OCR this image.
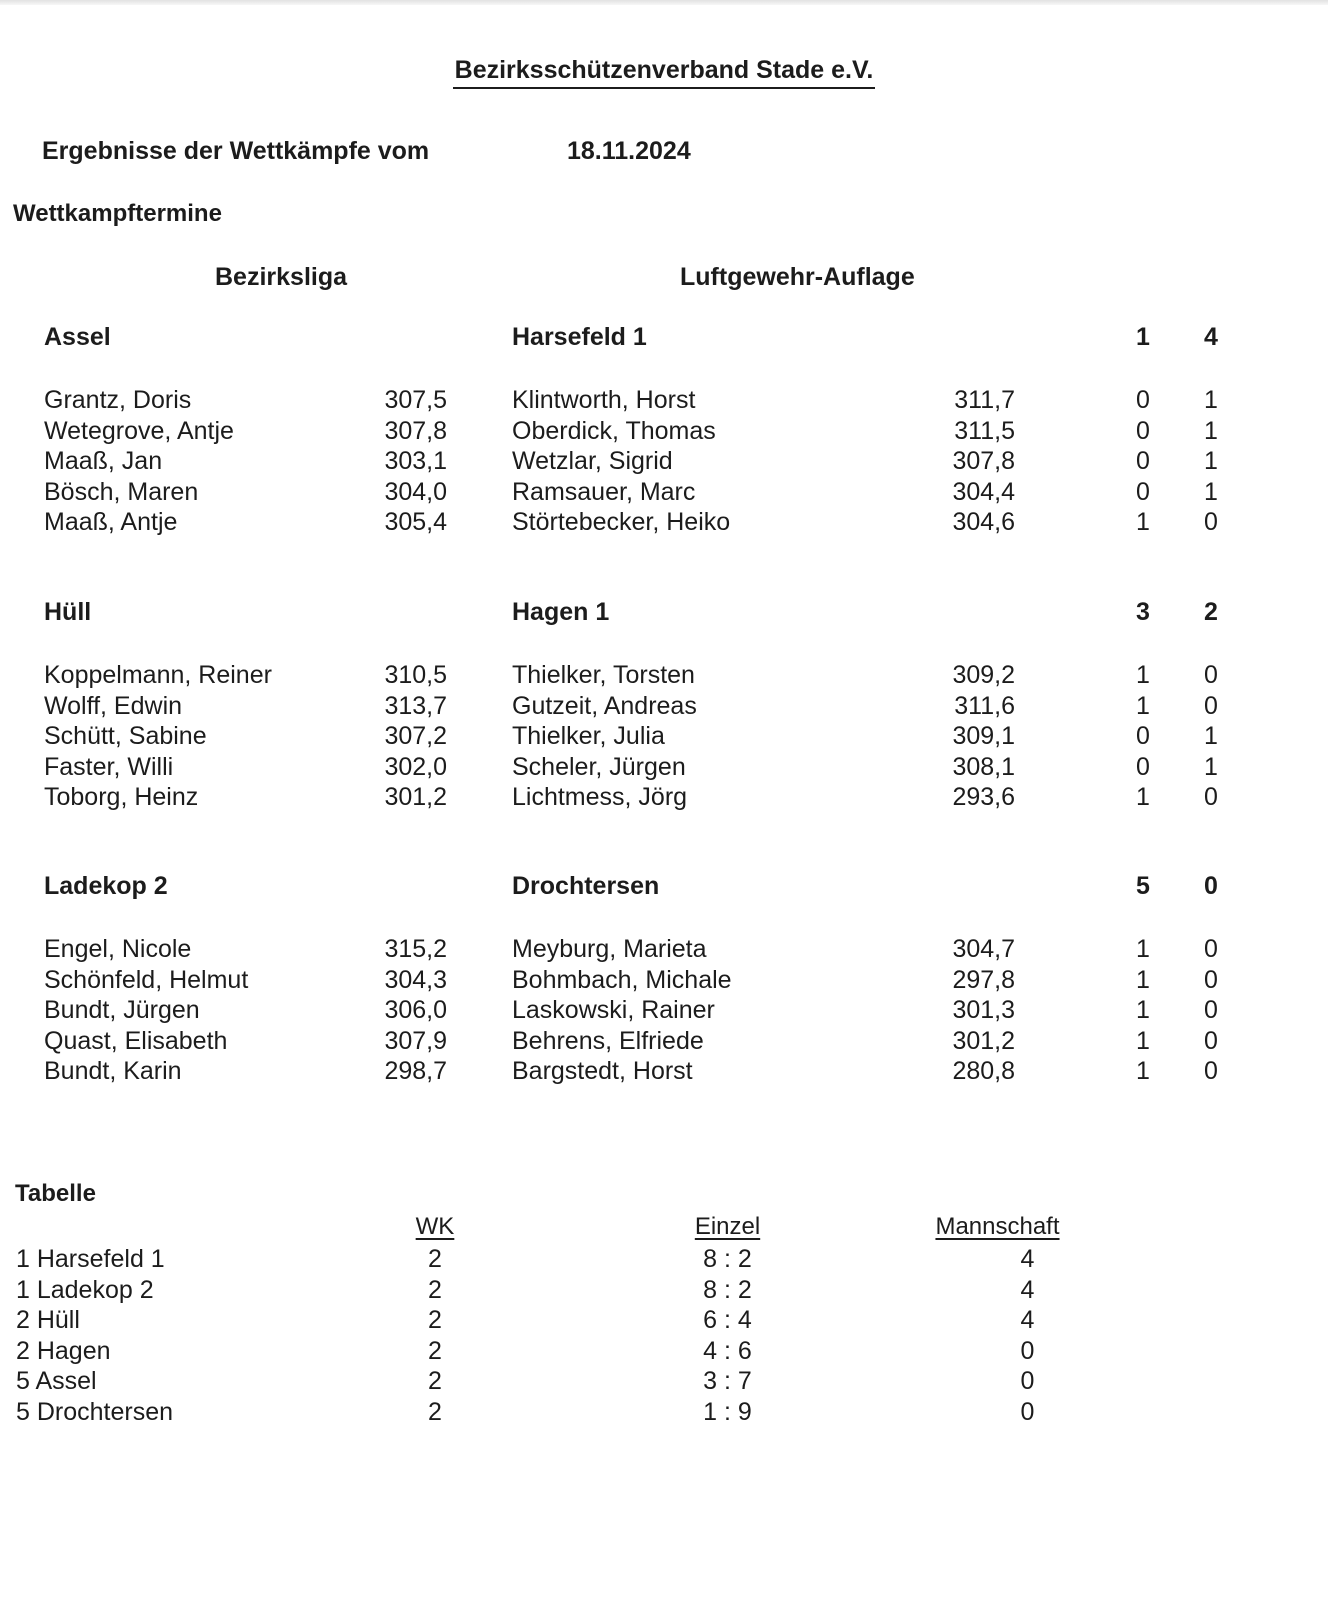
Bezirksschützenverband Stade e.V.
Ergebnisse der Wettkämpfe vom	18.11.2024
Wettkampftermine
Bezirksliga	Luftgewehr-Auflage
Assel	Harsefeld 1	1	4
Grantz, Doris	307,5	Klintworth, Horst	311,7	0	1
Wetegrove, Antje	307,8	Oberdick, Thomas	311,5	0	1
Maaß, Jan	303,1	Wetzlar, Sigrid	307,8	0	1
Bösch, Maren	304,0	Ramsauer, Marc	304,4	0	1
Maaß, Antje	305,4	Störtebecker, Heiko	304,6	1	0
Hüll	Hagen 1	3	2
Koppelmann, Reiner	310,5	Thielker, Torsten	309,2	1	0
Wolff, Edwin	313,7	Gutzeit, Andreas	311,6	1	0
Schütt, Sabine	307,2	Thielker, Julia	309,1	0	1
Faster, Willi	302,0	Scheler, Jürgen	308,1	0	1
Toborg, Heinz	301,2	Lichtmess, Jörg	293,6	1	0
Ladekop 2	Drochtersen	5	0
Engel, Nicole	315,2	Meyburg, Marieta	304,7	1	0
Schönfeld, Helmut	304,3	Bohmbach, Michale	297,8	1	0
Bundt, Jürgen	306,0	Laskowski, Rainer	301,3	1	0
Quast, Elisabeth	307,9	Behrens, Elfriede	301,2	1	0
Bundt, Karin	298,7	Bargstedt, Horst	280,8	1	0
Tabelle
WK	Einzel	Mannschaft
1 Harsefeld 1	2	8 : 2	4
1 Ladekop 2	2	8 : 2	4
2 Hüll	2	6 : 4	4
2 Hagen	2	4 : 6	0
5 Assel	2	3 : 7	0
5 Drochtersen	2	1 : 9	0
